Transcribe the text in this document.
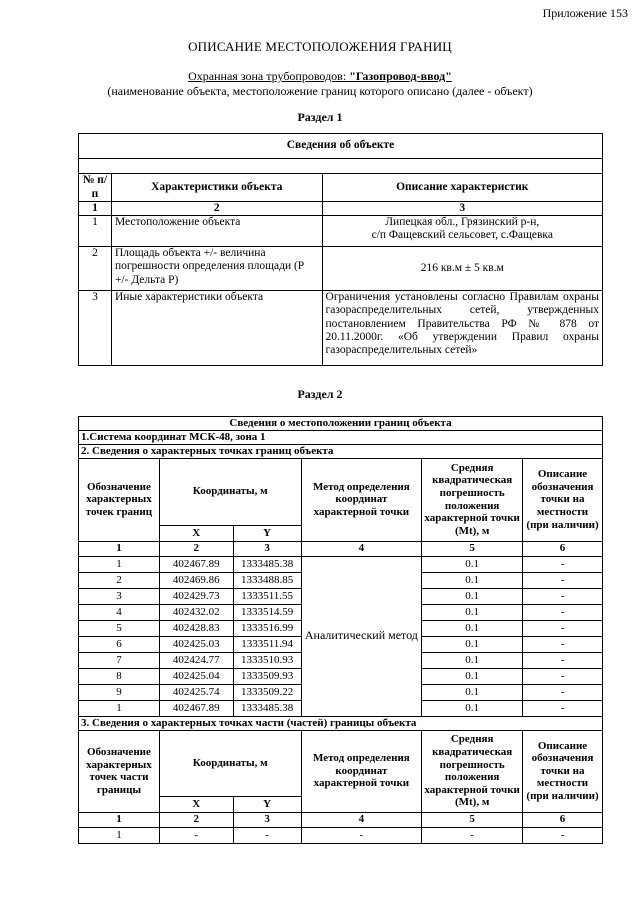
Приложение 153
ОПИСАНИЕ МЕСТОПОЛОЖЕНИЯ ГРАНИЦ
Охранная зона трубопроводов: "Газопровод-ввод"
(наименование объекта, местоположение границ которого описано (далее - объект)
Раздел 1
Сведения об объекте		

№ п/п	Характеристики объекта	Описание характеристик
1	2	3
1	Местоположение объекта	Липецкая обл., Грязинский р-н,
с/п Фащевский сельсовет, с.Фащевка

2	Площадь объекта +/- величина погрешности определения площади (Р +/- Дельта Р)	216 кв.м ± 5 кв.м
3	Иные характеристики объекта	Ограничения установлены согласно Правилам охраны газораспределительных сетей, утвержденных постановлением Правительства РФ № 878 от 20.11.2000г. «Об утверждении Правил охраны газораспределительных сетей»
Раздел 2
Сведения о местоположении границ объекта					
1.Система координат МСК-48, зона 1					
2. Сведения о характерных точках границ объекта					
Обозначение характерных точек границ	Координаты, м		Метод определения координат характерной точки	Средняя квадратическая погрешность положения характерной точки (Mt), м	Описание обозначения точки на местности (при наличии)
	X	Y			
1	2	3	4	5	6
1	402467.89	1333485.38	Аналитический метод	0.1	-
2	402469.86	1333488.85		0.1	-
3	402429.73	1333511.55		0.1	-
4	402432.02	1333514.59		0.1	-
5	402428.83	1333516.99		0.1	-
6	402425.03	1333511.94		0.1	-
7	402424.77	1333510.93		0.1	-
8	402425.04	1333509.93		0.1	-
9	402425.74	1333509.22		0.1	-
1	402467.89	1333485.38		0.1	-
3. Сведения о характерных точках части (частей) границы объекта					
Обозначение характерных точек части границы	Координаты, м		Метод определения координат характерной точки	Средняя квадратическая погрешность положения характерной точки (Mt), м	Описание обозначения точки на местности (при наличии)
	X	Y			
1	2	3	4	5	6
1	-	-	-	-	-
